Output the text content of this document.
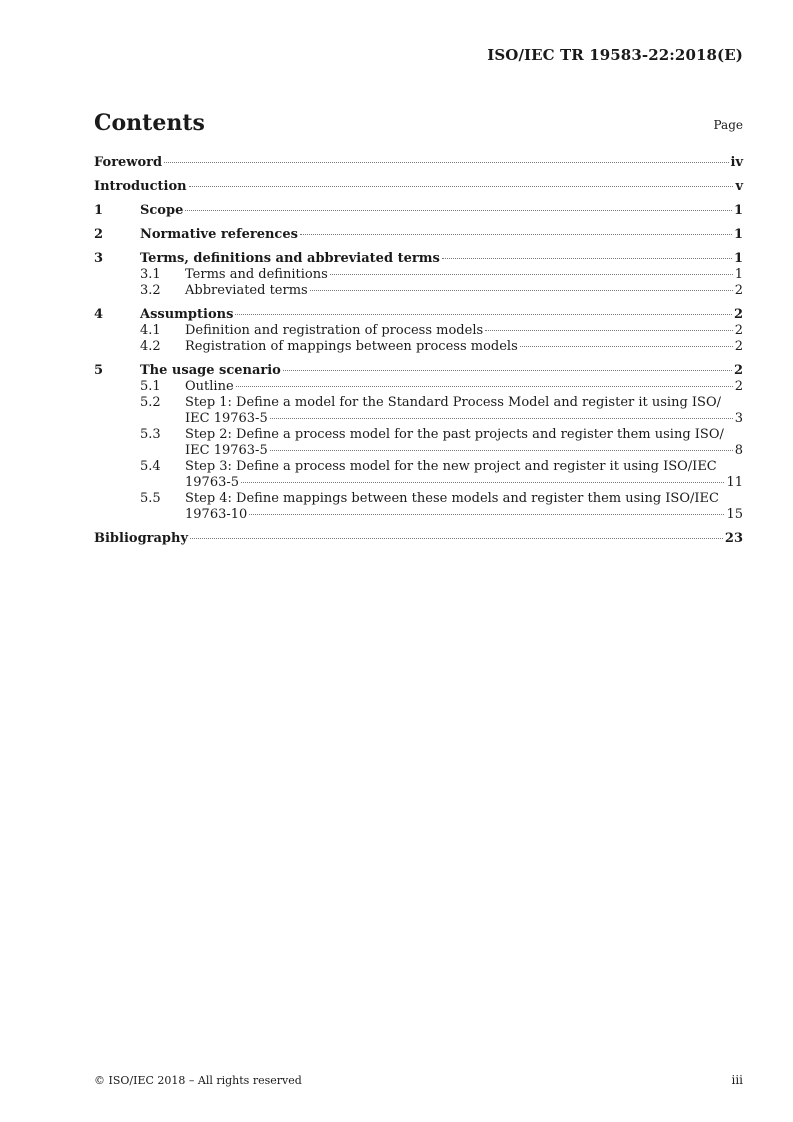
ISO/IEC TR 19583-22:2018(E)
Contents	Page
Foreword	iv
Introduction	v
1	Scope	1
2	Normative references	1
3	Terms, definitions and abbreviated terms	1
3.1	Terms and definitions	1
3.2	Abbreviated terms	2
4	Assumptions	2
4.1	Definition and registration of process models	2
4.2	Registration of mappings between process models	2
5	The usage scenario	2
5.1	Outline	2
5.2	Step 1: Define a model for the Standard Process Model and register it using ISO/
IEC 19763-5	3
5.3	Step 2: Define a process model for the past projects and register them using ISO/
IEC 19763-5	8
5.4	Step 3: Define a process model for the new project and register it using ISO/IEC
19763-5	11
5.5	Step 4: Define mappings between these models and register them using ISO/IEC
19763-10	15
Bibliography	23
© ISO/IEC 2018 – All rights reserved	iii
